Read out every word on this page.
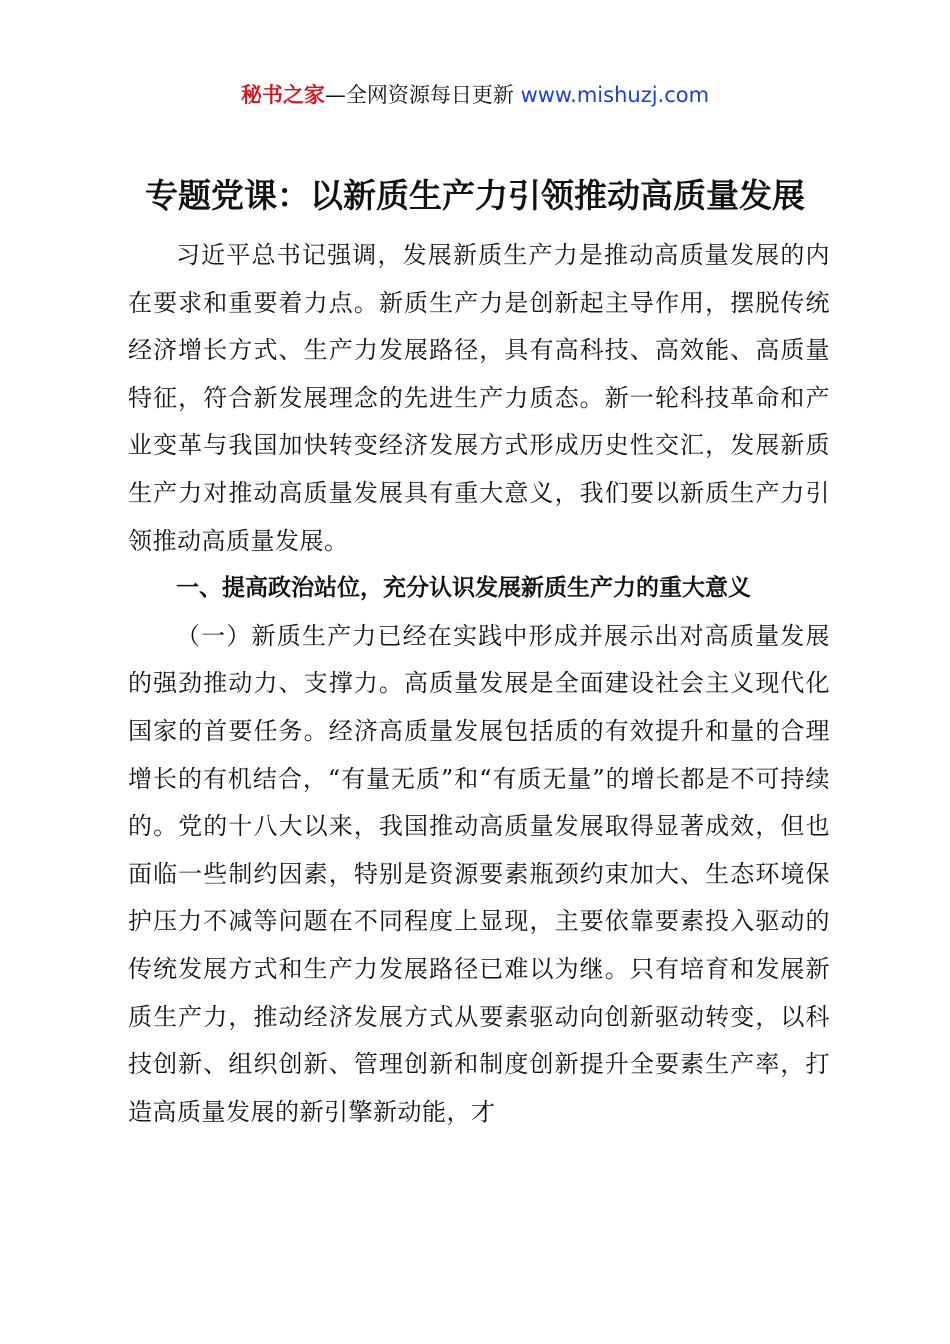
秘书之家—全网资源每日更新 www.mishuzj.com
专题党课：以新质生产力引领推动高质量发展

习近平总书记强调，发展新质生产力是推动高质量发展的内在要求和重要着力点。新质生产力是创新起主导作用，摆脱传统经济增长方式、生产力发展路径，具有高科技、高效能、高质量特征，符合新发展理念的先进生产力质态。新一轮科技革命和产业变革与我国加快转变经济发展方式形成历史性交汇，发展新质生产力对推动高质量发展具有重大意义，我们要以新质生产力引领推动高质量发展。

一、提高政治站位，充分认识发展新质生产力的重大意义

（一）新质生产力已经在实践中形成并展示出对高质量发展的强劲推动力、支撑力。高质量发展是全面建设社会主义现代化国家的首要任务。经济高质量发展包括质的有效提升和量的合理增长的有机结合，“有量无质”和“有质无量”的增长都是不可持续的。党的十八大以来，我国推动高质量发展取得显著成效，但也面临一些制约因素，特别是资源要素瓶颈约束加大、生态环境保护压力不减等问题在不同程度上显现，主要依靠要素投入驱动的传统发展方式和生产力发展路径已难以为继。只有培育和发展新质生产力，推动经济发展方式从要素驱动向创新驱动转变，以科技创新、组织创新、管理创新和制度创新提升全要素生产率，打造高质量发展的新引擎新动能，才
